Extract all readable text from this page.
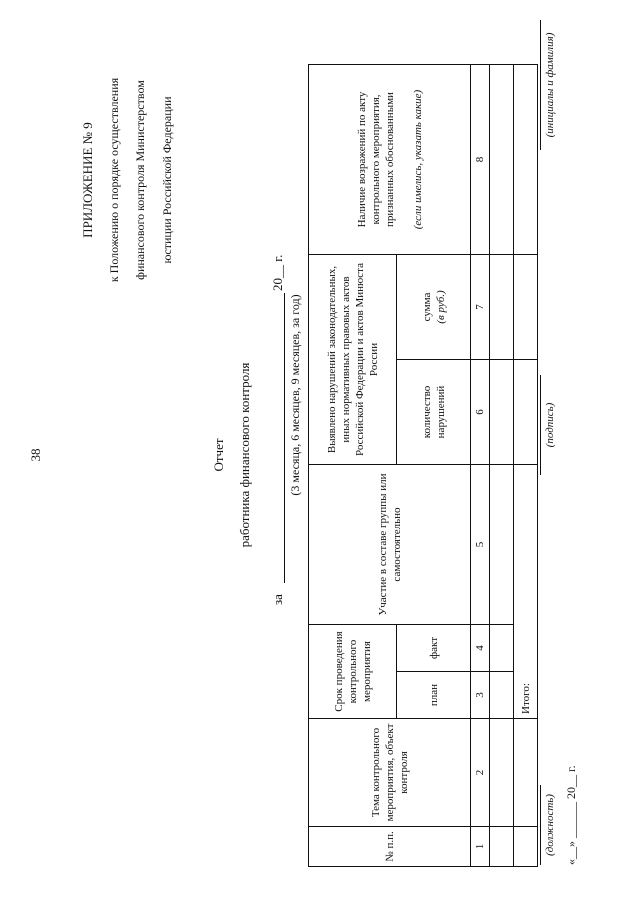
38
ПРИЛОЖЕНИЕ № 9 к Положению о порядке осуществления финансового контроля Министерством юстиции Российской Федерации
Отчет работника финансового контроля
за
20__ г.
(3 месяца, 6 месяцев, 9 месяцев, за год)
№ п.п.	Тема контрольного мероприятия, объект контроля	Срок проведения контрольного мероприятия		Участие в составе группы или самостоятельно	Выявлено нарушений законодательных, иных нормативных правовых актов Российской Федерации и актов Минюста России		Наличие возражений по акту контрольного мероприятия, признанных обоснованными (если имелись, указать какие)
		план	факт		количество нарушений	сумма (в руб.)	
1	2	3	4	5	6	7	8

		Итого:					
(должность)
(подпись)
(инициалы и фамилия)
«__» ______ 20__ г.
